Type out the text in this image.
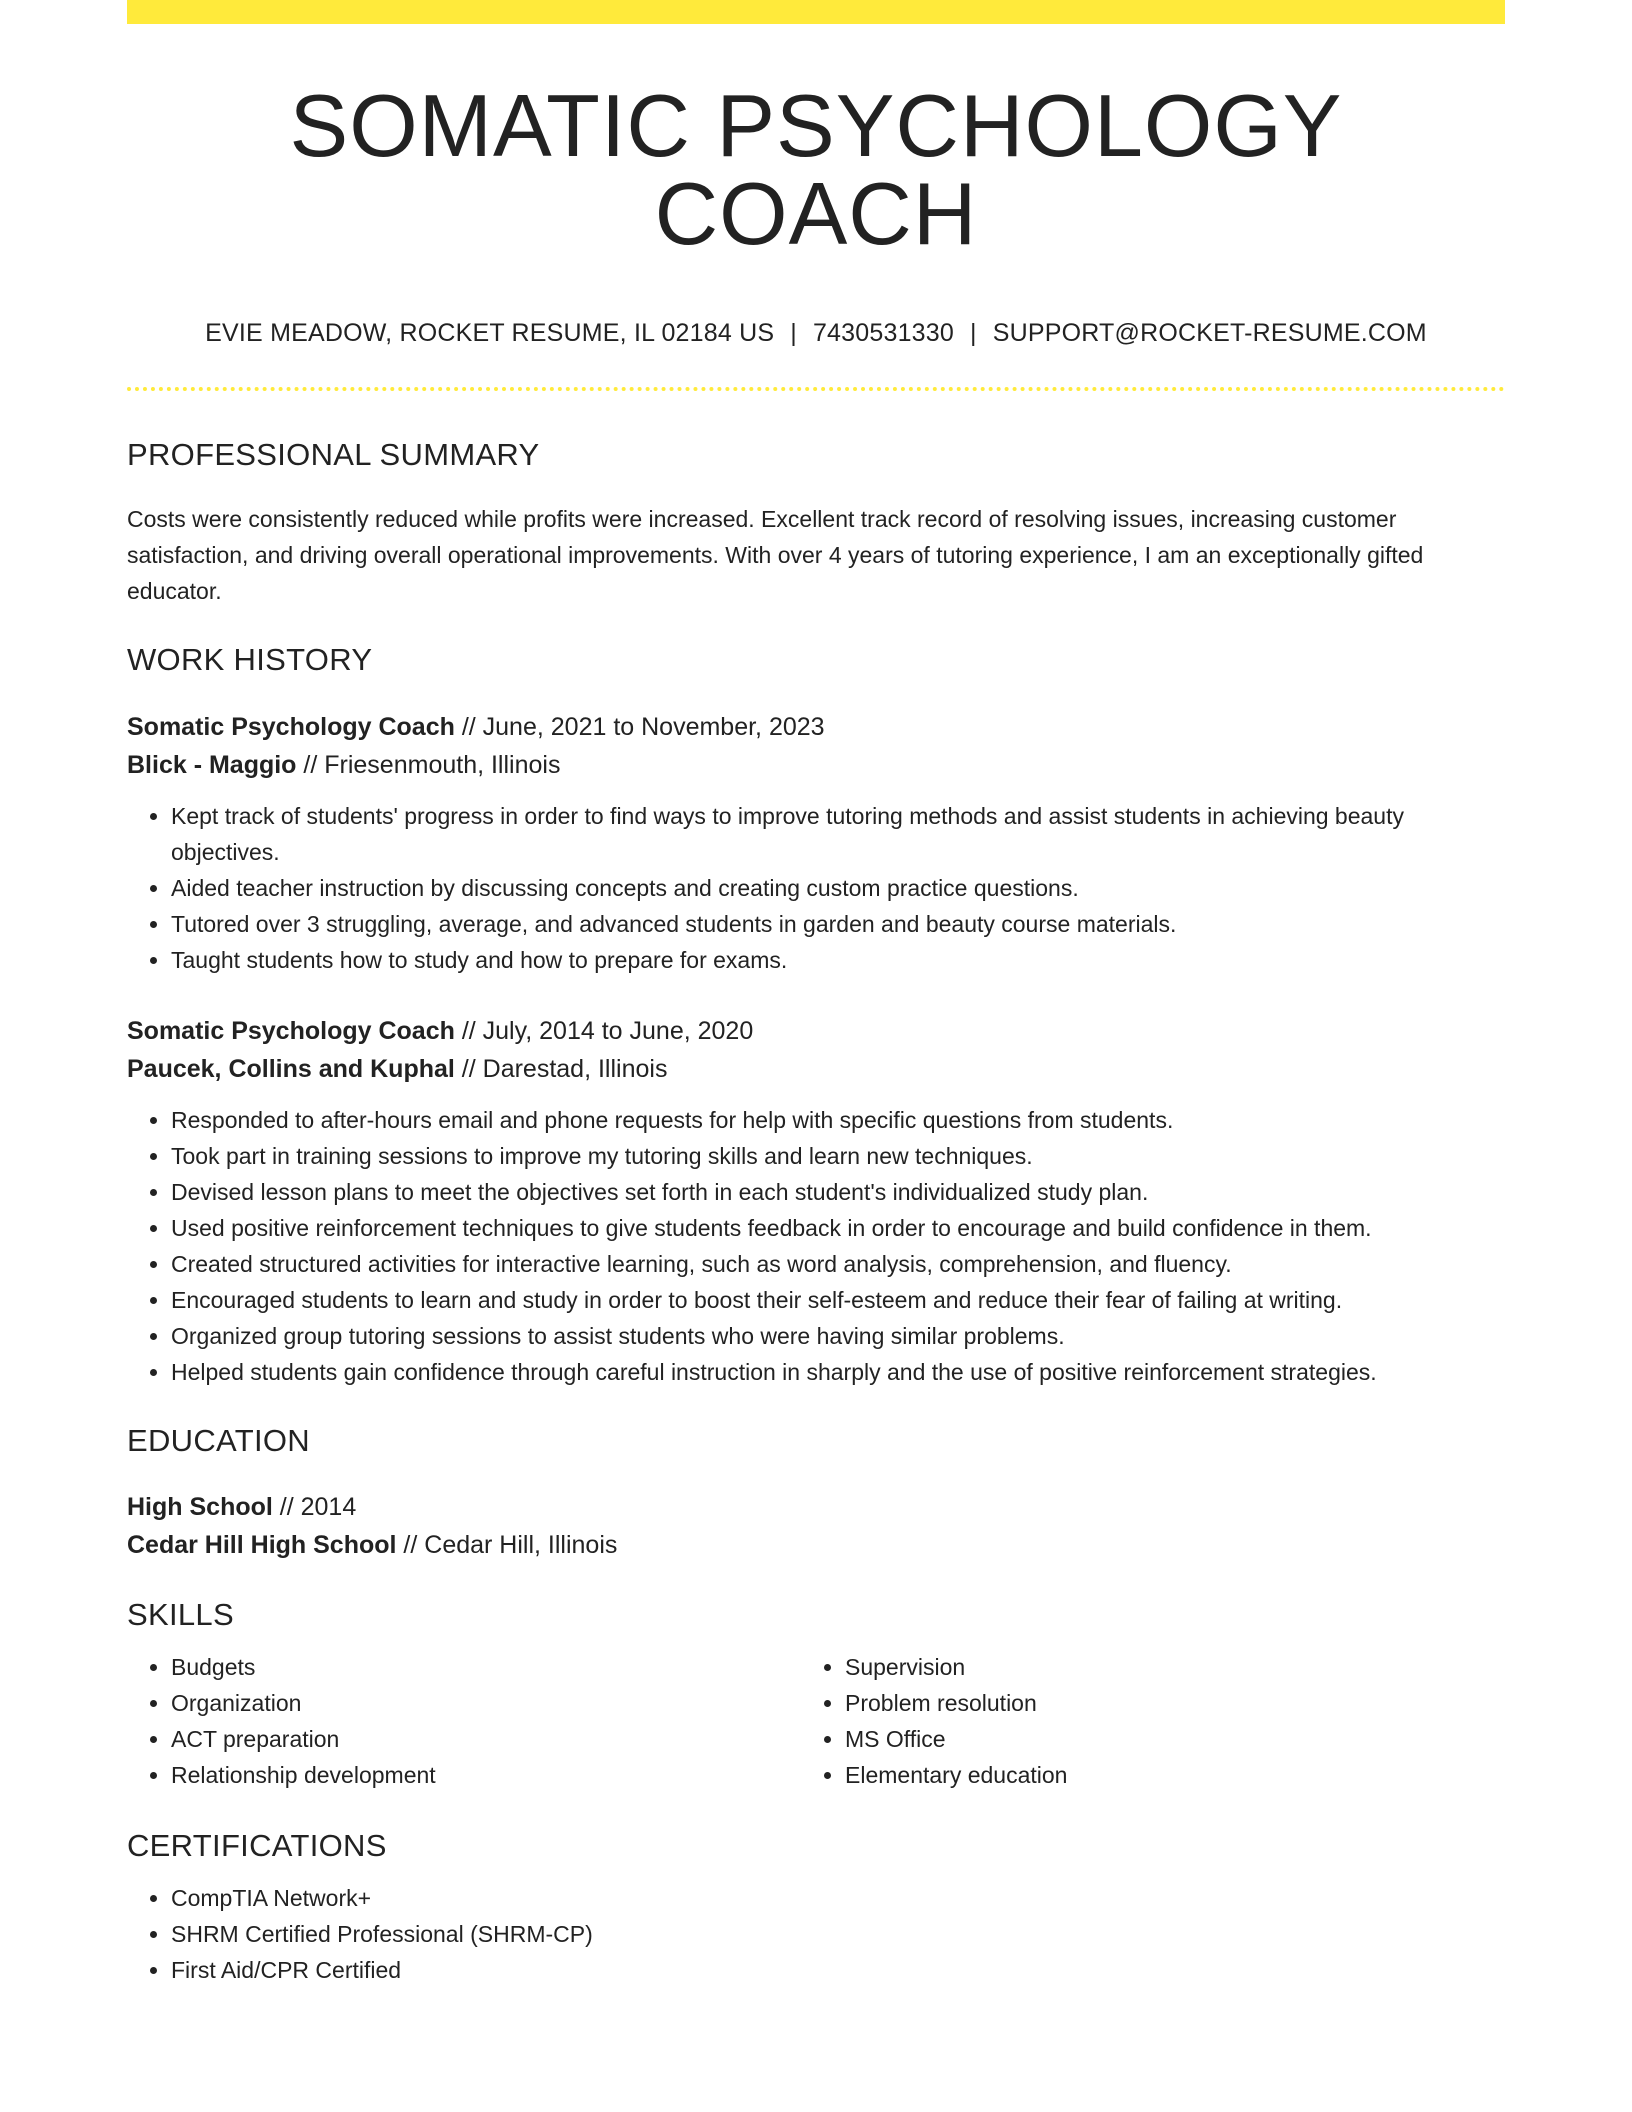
SOMATIC PSYCHOLOGY COACH
EVIE MEADOW, ROCKET RESUME, IL 02184 US | 7430531330 | SUPPORT@ROCKET-RESUME.COM
PROFESSIONAL SUMMARY
Costs were consistently reduced while profits were increased. Excellent track record of resolving issues, increasing customer satisfaction, and driving overall operational improvements. With over 4 years of tutoring experience, I am an exceptionally gifted educator.
WORK HISTORY
Somatic Psychology Coach // June, 2021 to November, 2023
Blick - Maggio // Friesenmouth, Illinois
• Kept track of students' progress in order to find ways to improve tutoring methods and assist students in achieving beauty objectives.
• Aided teacher instruction by discussing concepts and creating custom practice questions.
• Tutored over 3 struggling, average, and advanced students in garden and beauty course materials.
• Taught students how to study and how to prepare for exams.
Somatic Psychology Coach // July, 2014 to June, 2020
Paucek, Collins and Kuphal // Darestad, Illinois
• Responded to after-hours email and phone requests for help with specific questions from students.
• Took part in training sessions to improve my tutoring skills and learn new techniques.
• Devised lesson plans to meet the objectives set forth in each student's individualized study plan.
• Used positive reinforcement techniques to give students feedback in order to encourage and build confidence in them.
• Created structured activities for interactive learning, such as word analysis, comprehension, and fluency.
• Encouraged students to learn and study in order to boost their self-esteem and reduce their fear of failing at writing.
• Organized group tutoring sessions to assist students who were having similar problems.
• Helped students gain confidence through careful instruction in sharply and the use of positive reinforcement strategies.
EDUCATION
High School // 2014
Cedar Hill High School // Cedar Hill, Illinois
SKILLS
• Budgets
• Organization
• ACT preparation
• Relationship development
• Supervision
• Problem resolution
• MS Office
• Elementary education
CERTIFICATIONS
• CompTIA Network+
• SHRM Certified Professional (SHRM-CP)
• First Aid/CPR Certified
